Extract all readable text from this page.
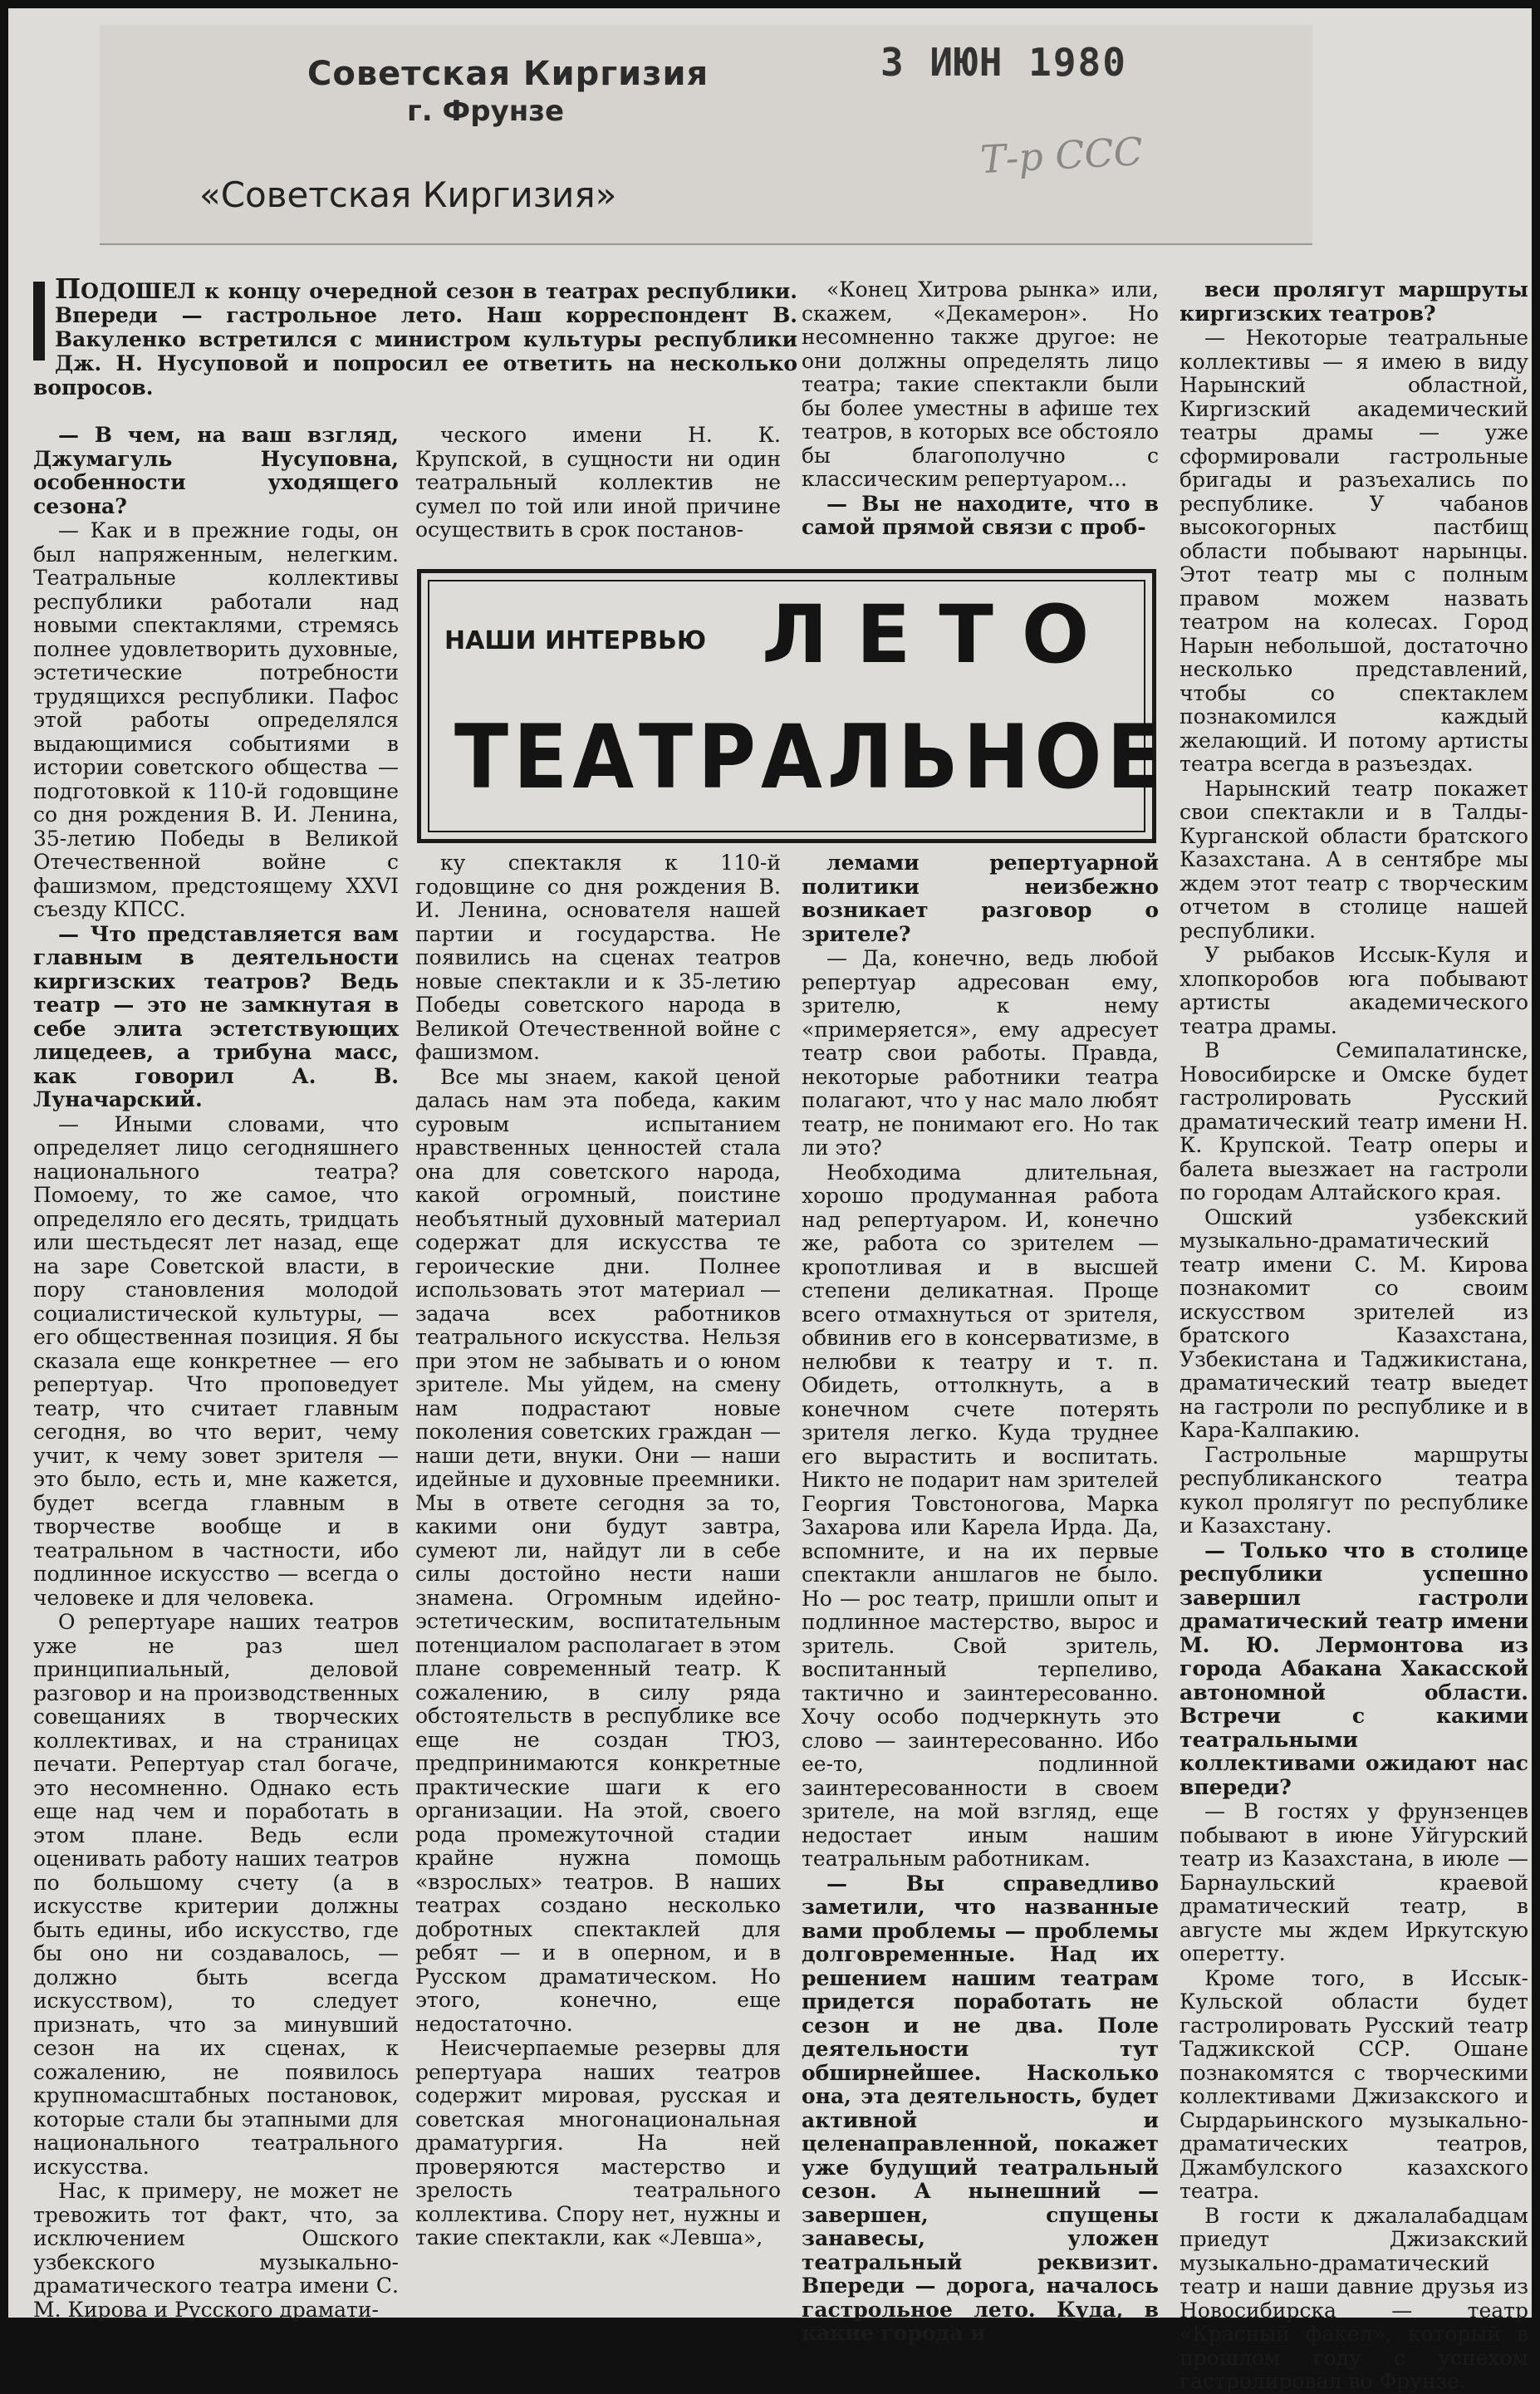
Советская Киргизия
г. Фрунзе
3 ИЮН 1980
Т-р ССС
«Советская Киргизия»
ПОДОШЕЛ к концу очередной сезон в театрах республики. Впереди — гастрольное лето. Наш корреспондент В. Вакуленко встретился с министром культуры республики Дж. Н. Нусуповой и попросил ее ответить на несколько вопросов.

— В чем, на ваш взгляд, Джумагуль Нусуповна, особенности уходящего сезона?

— Как и в прежние годы, он был напряженным, нелегким. Театральные коллективы республики работали над новыми спектаклями, стремясь полнее удовлетворить духовные, эстетические потребности трудящихся республики. Пафос этой работы определялся выдающимися событиями в истории советского общества — подготовкой к 110-й годовщине со дня рождения В. И. Ленина, 35-летию Победы в Великой Отечественной войне с фашизмом, предстоящему XXVI съезду КПСС.

— Что представляется вам главным в деятельности киргизских театров? Ведь театр — это не замкнутая в себе элита эстетствующих лицедеев, а трибуна масс, как говорил А. В. Луначарский.

— Иными словами, что определяет лицо сегодняшнего национального театра? Помоему, то же самое, что определяло его десять, тридцать или шестьдесят лет назад, еще на заре Советской власти, в пору становления молодой социалистической культуры, — его общественная позиция. Я бы сказала еще конкретнее — его репертуар. Что проповедует театр, что считает главным сегодня, во что верит, чему учит, к чему зовет зрителя — это было, есть и, мне кажется, будет всегда главным в творчестве вообще и в театральном в частности, ибо подлинное искусство — всегда о человеке и для человека.

О репертуаре наших театров уже не раз шел принципиальный, деловой разговор и на производственных совещаниях в творческих коллективах, и на страницах печати. Репертуар стал богаче, это несомненно. Однако есть еще над чем и поработать в этом плане. Ведь если оценивать работу наших театров по большому счету (а в искусстве критерии должны быть едины, ибо искусство, где бы оно ни создавалось, — должно быть всегда искусством), то следует признать, что за минувший сезон на их сценах, к сожалению, не появилось крупномасштабных постановок, которые стали бы этапными для национального театрального искусства.

Нас, к примеру, не может не тревожить тот факт, что, за исключением Ошского узбекского музыкально-драматического театра имени С. М. Кирова и Русского драмати-

ческого имени Н. К. Крупской, в сущности ни один театральный коллектив не сумел по той или иной причине осуществить в срок постанов-

ку спектакля к 110-й годовщине со дня рождения В. И. Ленина, основателя нашей партии и государства. Не появились на сценах театров новые спектакли и к 35-летию Победы советского народа в Великой Отечественной войне с фашизмом.

Все мы знаем, какой ценой далась нам эта победа, каким суровым испытанием нравственных ценностей стала она для советского народа, какой огромный, поистине необъятный духовный материал содержат для искусства те героические дни. Полнее использовать этот материал — задача всех работников театрального искусства. Нельзя при этом не забывать и о юном зрителе. Мы уйдем, на смену нам подрастают новые поколения советских граждан — наши дети, внуки. Они — наши идейные и духовные преемники. Мы в ответе сегодня за то, какими они будут завтра, сумеют ли, найдут ли в себе силы достойно нести наши знамена. Огромным идейно-эстетическим, воспитательным потенциалом располагает в этом плане современный театр. К сожалению, в силу ряда обстоятельств в республике все еще не создан ТЮЗ, предпринимаются конкретные практические шаги к его организации. На этой, своего рода промежуточной стадии крайне нужна помощь «взрослых» театров. В наших театрах создано несколько добротных спектаклей для ребят — и в оперном, и в Русском драматическом. Но этого, конечно, еще недостаточно.

Неисчерпаемые резервы для репертуара наших театров содержит мировая, русская и советская многонациональная драматургия. На ней проверяются мастерство и зрелость театрального коллектива. Спору нет, нужны и такие спектакли, как «Левша»,

«Конец Хитрова рынка» или, скажем, «Декамерон». Но несомненно также другое: не они должны определять лицо театра; такие спектакли были бы более уместны в афише тех театров, в которых все обстояло бы благополучно с классическим репертуаром...

— Вы не находите, что в самой прямой связи с проб-

лемами репертуарной политики неизбежно возникает разговор о зрителе?

— Да, конечно, ведь любой репертуар адресован ему, зрителю, к нему «примеряется», ему адресует театр свои работы. Правда, некоторые работники театра полагают, что у нас мало любят театр, не понимают его. Но так ли это?

Необходима длительная, хорошо продуманная работа над репертуаром. И, конечно же, работа со зрителем — кропотливая и в высшей степени деликатная. Проще всего отмахнуться от зрителя, обвинив его в консерватизме, в нелюбви к театру и т. п. Обидеть, оттолкнуть, а в конечном счете потерять зрителя легко. Куда труднее его вырастить и воспитать. Никто не подарит нам зрителей Георгия Товстоногова, Марка Захарова или Карела Ирда. Да, вспомните, и на их первые спектакли аншлагов не было. Но — рос театр, пришли опыт и подлинное мастерство, вырос и зритель. Свой зритель, воспитанный терпеливо, тактично и заинтересованно. Хочу особо подчеркнуть это слово — заинтересованно. Ибо ее-то, подлинной заинтересованности в своем зрителе, на мой взгляд, еще недостает иным нашим театральным работникам.

— Вы справедливо заметили, что названные вами проблемы — проблемы долговременные. Над их решением нашим театрам придется поработать не сезон и не два. Поле деятельности тут обширнейшее. Насколько она, эта деятельность, будет активной и целенаправленной, покажет уже будущий театральный сезон. А нынешний — завершен, спущены занавесы, уложен театральный реквизит. Впереди — дорога, началось гастрольное лето. Куда, в какие города и

веси пролягут маршруты киргизских театров?

— Некоторые театральные коллективы — я имею в виду Нарынский областной, Киргизский академический театры драмы — уже сформировали гастрольные бригады и разъехались по республике. У чабанов высокогорных пастбищ области побывают нарынцы. Этот театр мы с полным правом можем назвать театром на колесах. Город Нарын небольшой, достаточно несколько представлений, чтобы со спектаклем познакомился каждый желающий. И потому артисты театра всегда в разъездах.

Нарынский театр покажет свои спектакли и в Талды-Курганской области братского Казахстана. А в сентябре мы ждем этот театр с творческим отчетом в столице нашей республики.

У рыбаков Иссык-Куля и хлопкоробов юга побывают артисты академического театра драмы.

В Семипалатинске, Новосибирске и Омске будет гастролировать Русский драматический театр имени Н. К. Крупской. Театр оперы и балета выезжает на гастроли по городам Алтайского края.

Ошский узбекский музыкально-драматический театр имени С. М. Кирова познакомит со своим искусством зрителей из братского Казахстана, Узбекистана и Таджикистана, драматический театр выедет на гастроли по республике и в Кара-Калпакию.

Гастрольные маршруты республиканского театра кукол пролягут по республике и Казахстану.

— Только что в столице республики успешно завершил гастроли драматический театр имени М. Ю. Лермонтова из города Абакана Хакасской автономной области. Встречи с какими театральными коллективами ожидают нас впереди?

— В гостях у фрунзенцев побывают в июне Уйгурский театр из Казахстана, в июле — Барнаульский краевой драматический театр, в августе мы ждем Иркутскую оперетту.

Кроме того, в Иссык-Кульской области будет гастролировать Русский театр Таджикской ССР. Ошане познакомятся с творческими коллективами Джизакского и Сырдарьинского музыкально-драматических театров, Джамбулского казахского театра.

В гости к джалалабадцам приедут Джизакский музыкально-драматический театр и наши давние друзья из Новосибирска — театр «Красный факел», который в прошлом году с успехом гастролировал во Фрунзе.

НАШИ ИНТЕРВЬЮ ЛЕТО
ТЕАТРАЛЬНОЕ
